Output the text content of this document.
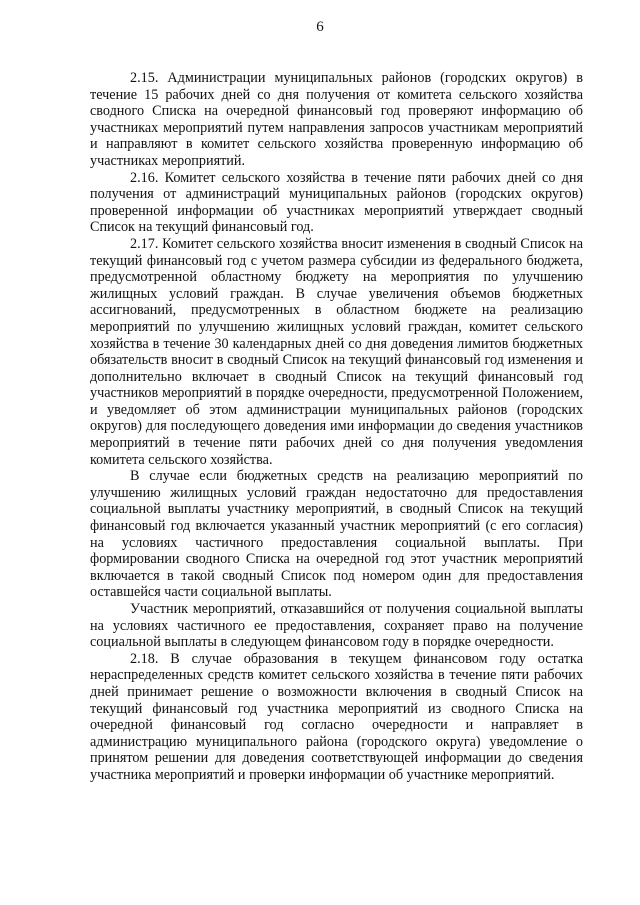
6

2.15. Администрации муниципальных районов (городских округов) в течение 15 рабочих дней со дня получения от комитета сельского хозяйства сводного Списка на очередной финансовый год проверяют информацию об участниках мероприятий путем направления запросов участникам мероприятий и направляют в комитет сельского хозяйства проверенную информацию об участниках мероприятий.

2.16. Комитет сельского хозяйства в течение пяти рабочих дней со дня получения от администраций муниципальных районов (городских округов) проверенной информации об участниках мероприятий утверждает сводный Список на текущий финансовый год.

2.17. Комитет сельского хозяйства вносит изменения в сводный Список на текущий финансовый год с учетом размера субсидии из федерального бюджета, предусмотренной областному бюджету на мероприятия по улучшению жилищных условий граждан. В случае увеличения объемов бюджетных ассигнований, предусмотренных в областном бюджете на реализацию мероприятий по улучшению жилищных условий граждан, комитет сельского хозяйства в течение 30 календарных дней со дня доведения лимитов бюджетных обязательств вносит в сводный Список на текущий финансовый год изменения и дополнительно включает в сводный Список на текущий финансовый год участников мероприятий в порядке очередности, предусмотренной Положением, и уведомляет об этом администрации муниципальных районов (городских округов) для последующего доведения ими информации до сведения участников мероприятий в течение пяти рабочих дней со дня получения уведомления комитета сельского хозяйства.

В случае если бюджетных средств на реализацию мероприятий по улучшению жилищных условий граждан недостаточно для предоставления социальной выплаты участнику мероприятий, в сводный Список на текущий финансовый год включается указанный участник мероприятий (с его согласия) на условиях частичного предоставления социальной выплаты. При формировании сводного Списка на очередной год этот участник мероприятий включается в такой сводный Список под номером один для предоставления оставшейся части социальной выплаты.

Участник мероприятий, отказавшийся от получения социальной выплаты на условиях частичного ее предоставления, сохраняет право на получение социальной выплаты в следующем финансовом году в порядке очередности.

2.18. В случае образования в текущем финансовом году остатка нераспределенных средств комитет сельского хозяйства в течение пяти рабочих дней принимает решение о возможности включения в сводный Список на текущий финансовый год участника мероприятий из сводного Списка на очередной финансовый год согласно очередности и направляет в администрацию муниципального района (городского округа) уведомление о принятом решении для доведения соответствующей информации до сведения участника мероприятий и проверки информации об участнике мероприятий.
